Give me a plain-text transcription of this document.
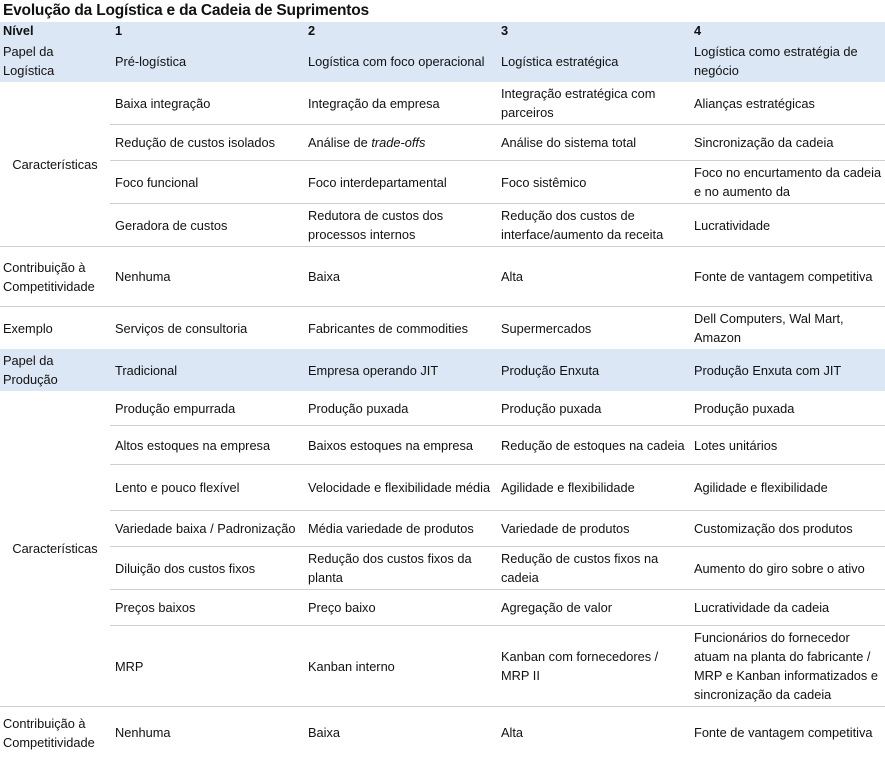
Evolução da Logística e da Cadeia de Suprimentos
Nível	1	2	3	4
Papel da Logística	Pré-logística	Logística com foco operacional	Logística estratégica	Logística como estratégia de negócio
Características	Baixa integração	Integração da empresa	Integração estratégica com parceiros	Alianças estratégicas
	Redução de custos isolados	Análise de trade-offs	Análise do sistema total	Sincronização da cadeia
	Foco funcional	Foco interdepartamental	Foco sistêmico	Foco no encurtamento da cadeia e no aumento da
	Geradora de custos	Redutora de custos dos processos internos	Redução dos custos de interface/aumento da receita	Lucratividade
Contribuição à Competitividade	Nenhuma	Baixa	Alta	Fonte de vantagem competitiva
Exemplo	Serviços de consultoria	Fabricantes de commodities	Supermercados	Dell Computers, Wal Mart, Amazon
Papel da Produção	Tradicional	Empresa operando JIT	Produção Enxuta	Produção Enxuta com JIT
Características	Produção empurrada	Produção puxada	Produção puxada	Produção puxada
	Altos estoques na empresa	Baixos estoques na empresa	Redução de estoques na cadeia	Lotes unitários
	Lento e pouco flexível	Velocidade e flexibilidade média	Agilidade e flexibilidade	Agilidade e flexibilidade
	Variedade baixa / Padronização	Média variedade de produtos	Variedade de produtos	Customização dos produtos
	Diluição dos custos fixos	Redução dos custos fixos da planta	Redução de custos fixos na cadeia	Aumento do giro sobre o ativo
	Preços baixos	Preço baixo	Agregação de valor	Lucratividade da cadeia
	MRP	Kanban interno	Kanban com fornecedores / MRP II	Funcionários do fornecedor atuam na planta do fabricante / MRP e Kanban informatizados e sincronização da cadeia
Contribuição à Competitividade	Nenhuma	Baixa	Alta	Fonte de vantagem competitiva
